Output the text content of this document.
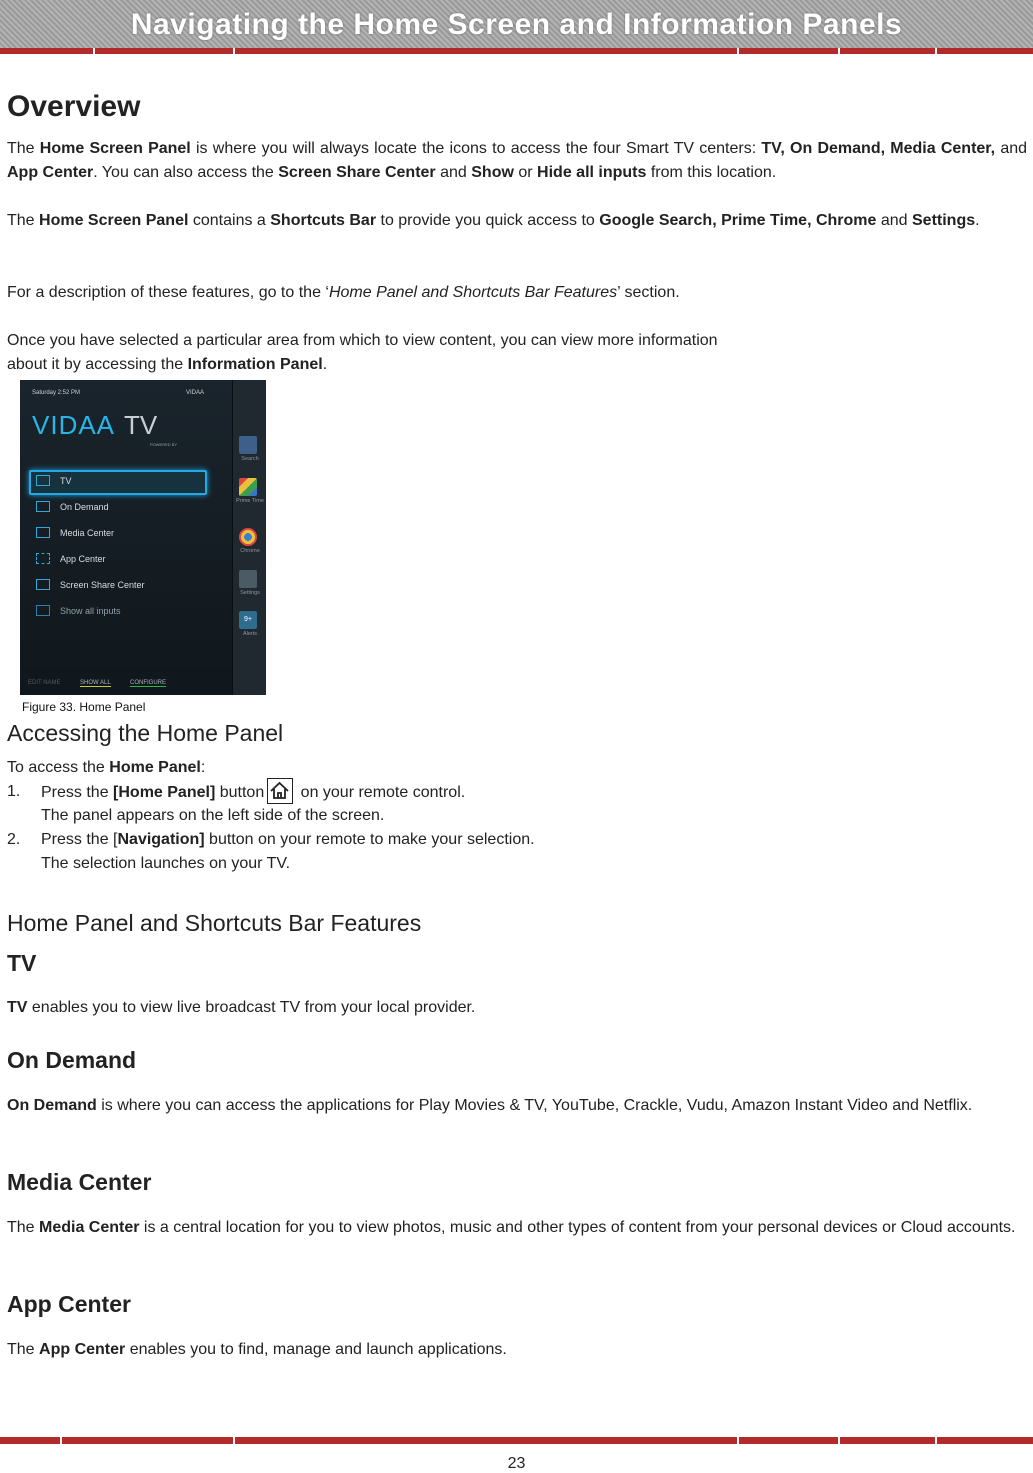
Navigating the Home Screen and Information Panels
Overview
The Home Screen Panel is where you will always locate the icons to access the four Smart TV centers: TV, On Demand, Media Center, and App Center. You can also access the Screen Share Center and Show or Hide all inputs from this location.
The Home Screen Panel contains a Shortcuts Bar to provide you quick access to Google Search, Prime Time, Chrome and Settings.
For a description of these features, go to the ‘Home Panel and Shortcuts Bar Features’ section.
Once you have selected a particular area from which to view content, you can view more information
about it by accessing the Information Panel.
Saturday 2:52 PM	VIDAA
VIDAA TV
POWERED BY
TV
On Demand
Media Center
App Center
Screen Share Center
Show all inputs
EDIT NAME	SHOW ALL	CONFIGURE
Search
Prime Time
Chrome
Settings
9+
Alerts
Figure 33. Home Panel
Accessing the Home Panel
To access the Home Panel:
1.	Press the [Home Panel] button on your remote control.
The panel appears on the left side of the screen.
2.	Press the [Navigation] button on your remote to make your selection.
The selection launches on your TV.
Home Panel and Shortcuts Bar Features
TV
TV enables you to view live broadcast TV from your local provider.
On Demand
On Demand is where you can access the applications for Play Movies & TV, YouTube, Crackle, Vudu, Amazon Instant Video and Netflix.
Media Center
The Media Center is a central location for you to view photos, music and other types of content from your personal devices or Cloud accounts.
App Center
The App Center enables you to find, manage and launch applications.
23
